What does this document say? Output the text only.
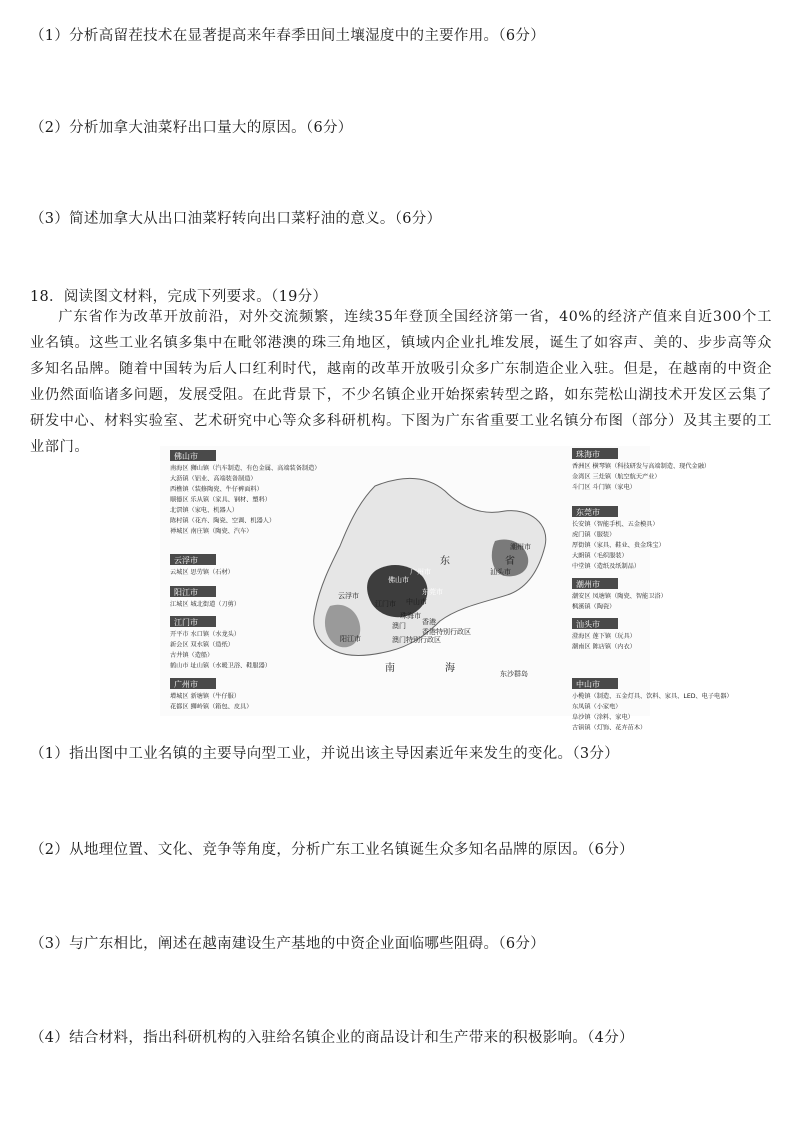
（1）分析高留茬技术在显著提高来年春季田间土壤湿度中的主要作用。（6分）
（2）分析加拿大油菜籽出口量大的原因。（6分）
（3）简述加拿大从出口油菜籽转向出口菜籽油的意义。（6分）
18．阅读图文材料，完成下列要求。（19分）
广东省作为改革开放前沿，对外交流频繁，连续35年登顶全国经济第一省，40%的经济产值来自近300个工业名镇。这些工业名镇多集中在毗邻港澳的珠三角地区，镇域内企业扎堆发展，诞生了如容声、美的、步步高等众多知名品牌。随着中国转为后人口红利时代，越南的改革开放吸引众多广东制造企业入驻。但是，在越南的中资企业仍然面临诸多问题，发展受阻。在此背景下，不少名镇企业开始探索转型之路，如东莞松山湖技术开发区云集了研发中心、材料实验室、艺术研究中心等众多科研机构。下图为广东省重要工业名镇分布图（部分）及其主要的工业部门。
佛山市
广州市
东莞市
云浮市
江门市 中山市
珠海市
阳江市
香港
澳门
汕头市
潮州市
香港特别行政区
澳门特别行政区
东沙群岛
东	省
南	海
佛山市
南海区 狮山镇（汽车制造、有色金属、高端装备制造）
大沥镇（铝业、高端装备制造）
西樵镇（装修陶瓷、牛仔裤面料）
顺德区 乐从镇（家具、钢材、塑料）
北滘镇（家电、机器人）
陈村镇（花卉、陶瓷、空调、机器人）
禅城区 南庄镇（陶瓷、汽车）
云浮市
云城区 思劳镇（石材）
阳江市
江城区 城北街道（刀剪）
江门市
开平市 水口镇（水龙头）
新会区 双水镇（造纸）
古井镇（造船）
鹤山市 址山镇（水暖卫浴、鞋服器）
广州市
增城区 新塘镇（牛仔服）
花都区 狮岭镇（箱包、皮具）
珠海市
香洲区 横琴镇（科技研发与高端制造、现代金融）
金湾区 三灶镇（航空航天产业）
斗门区 斗门镇（家电）
东莞市
长安镇（智能手机、五金模具）
虎门镇（服装）
厚街镇（家具、鞋业、贵金珠宝）
大朗镇（毛织服装）
中堂镇（造纸及纸制品）
潮州市
潮安区 凤塘镇（陶瓷、智能卫浴）
枫溪镇（陶瓷）
汕头市
澄海区 莲下镇（玩具）
潮南区 陈店镇（内衣）
中山市
小榄镇（制造、五金灯具、饮料、家具、LED、电子电器）
东凤镇（小家电）
阜沙镇（涂料、家电）
古镇镇（灯饰、花卉苗木）
（1）指出图中工业名镇的主要导向型工业，并说出该主导因素近年来发生的变化。（3分）
（2）从地理位置、文化、竞争等角度，分析广东工业名镇诞生众多知名品牌的原因。（6分）
（3）与广东相比，阐述在越南建设生产基地的中资企业面临哪些阻碍。（6分）
（4）结合材料，指出科研机构的入驻给名镇企业的商品设计和生产带来的积极影响。（4分）
